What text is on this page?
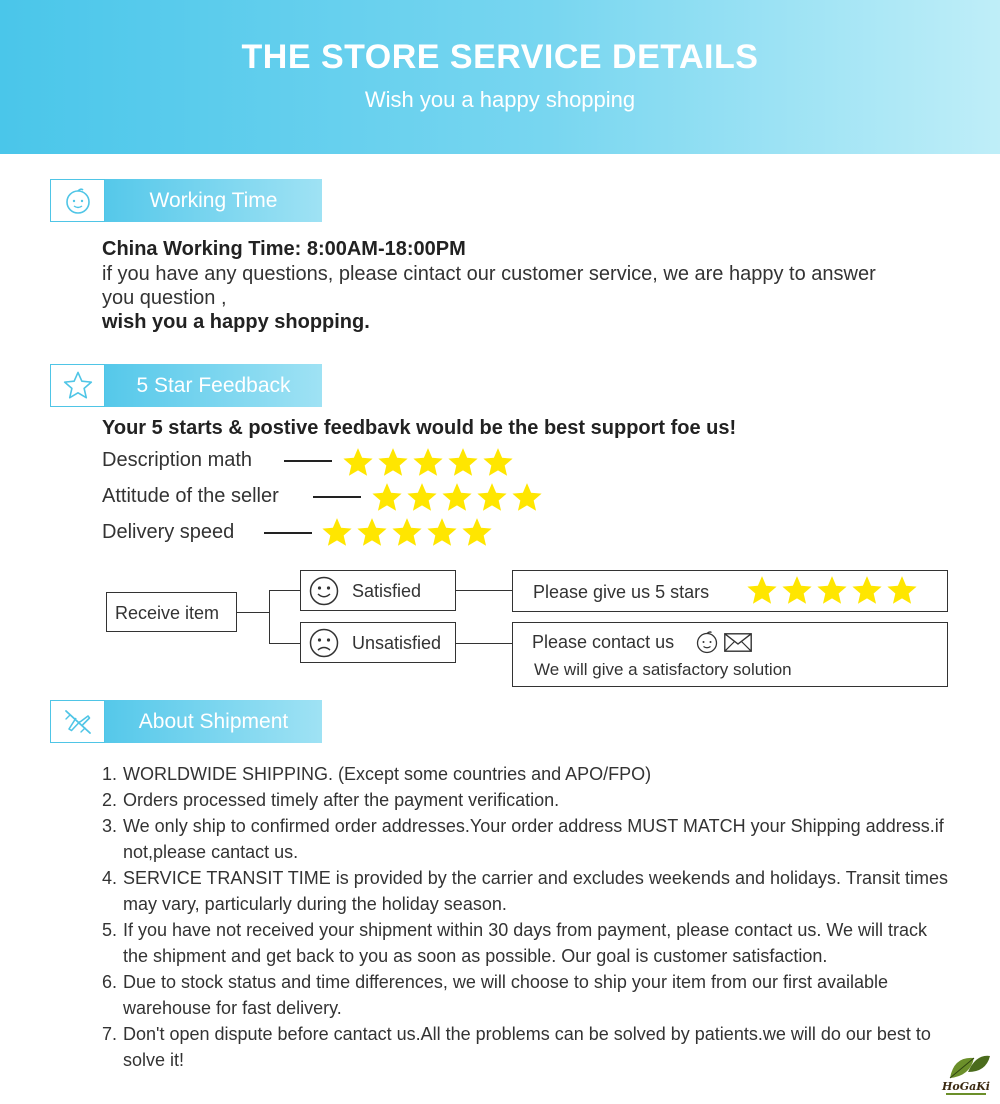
THE STORE SERVICE DETAILS
Wish you a happy shopping
Working Time
China Working Time: 8:00AM-18:00PM
if you have any questions, please cintact our customer service, we are happy to answer
you question ,
wish you a happy shopping.
5 Star Feedback
Your 5 starts & postive feedbavk would be the best support foe us!
Description math
Attitude of the seller
Delivery speed
Receive item
Satisfied
Unsatisfied
Please give us 5 stars
Please contact us
We will give a satisfactory solution
About Shipment
1. WORLDWIDE SHIPPING. (Except some countries and APO/FPO)
2. Orders processed timely after the payment verification.
3. We only ship to confirmed order addresses.Your order address MUST MATCH your Shipping address.if not,please cantact us.
4. SERVICE TRANSIT TIME is provided by the carrier and excludes weekends and holidays. Transit times may vary, particularly during the holiday season.
5. If you have not received your shipment within 30 days from payment, please contact us. We will track the shipment and get back to you as soon as possible. Our goal is customer satisfaction.
6. Due to stock status and time differences, we will choose to ship your item from our first available warehouse for fast delivery.
7. Don't open dispute before cantact us.All the problems can be solved by patients.we will do our best to solve it!
HoGaKi
